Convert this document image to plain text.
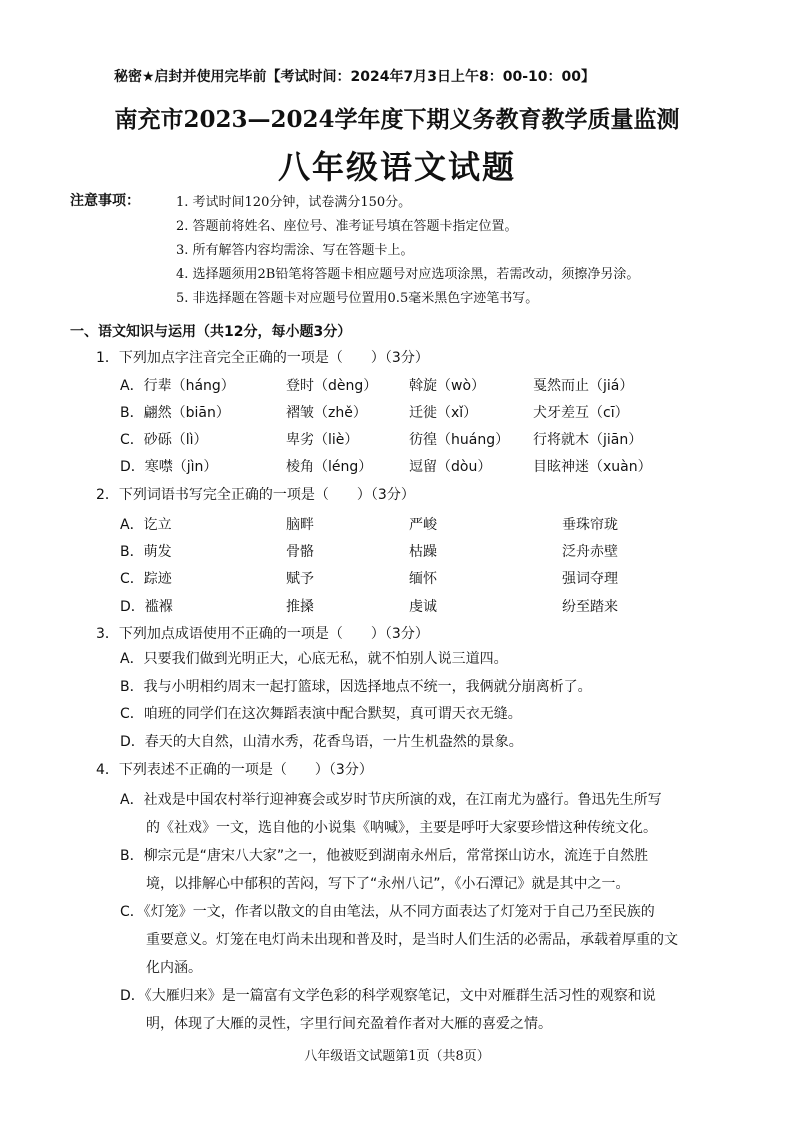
秘密★启封并使用完毕前【考试时间：2024年7月3日上午8：00-10：00】
南充市2023—2024学年度下期义务教育教学质量监测
八年级语文试题
注意事项：	1. 考试时间120分钟，试卷满分150分。
2. 答题前将姓名、座位号、准考证号填在答题卡指定位置。
3. 所有解答内容均需涂、写在答题卡上。
4. 选择题须用2B铅笔将答题卡相应题号对应选项涂黑，若需改动，须擦净另涂。
5. 非选择题在答题卡对应题号位置用0.5毫米黑色字迹笔书写。
一、语文知识与运用（共12分，每小题3分）
1．下列加点字注音完全正确的一项是（　　）（3分）
A．行辈（háng）	登时（dèng） 斡旋（wò）	戛然而止（jiá）
B．翩然（biān）	褶皱（zhě）	迁徙（xǐ）	犬牙差互（cī）
C．砂砾（lì）	卑劣（liè）	彷徨（huáng） 行将就木（jiān）
D．寒噤（jìn）	棱角（léng）	逗留（dòu）	目眩神迷（xuàn）
2．下列词语书写完全正确的一项是（　　）（3分）
A．讫立	脑畔	严峻	垂珠帘珑
B．萌发	骨骼	枯躁	泛舟赤壁
C．踪迹	赋予	缅怀	强词夺理
D．褴褓	推搡	虔诚	纷至踏来
3．下列加点成语使用不正确的一项是（　　）（3分）
A．只要我们做到光明正大，心底无私，就不怕别人说三道四。
B．我与小明相约周末一起打篮球，因选择地点不统一，我俩就分崩离析了。
C．咱班的同学们在这次舞蹈表演中配合默契，真可谓天衣无缝。
D．春天的大自然，山清水秀，花香鸟语，一片生机盎然的景象。
4．下列表述不正确的一项是（　　）（3分）
A．社戏是中国农村举行迎神赛会或岁时节庆所演的戏，在江南尤为盛行。鲁迅先生所写
的《社戏》一文，选自他的小说集《呐喊》，主要是呼吁大家要珍惜这种传统文化。
B．柳宗元是“唐宋八大家”之一，他被贬到湖南永州后，常常探山访水，流连于自然胜
境，以排解心中郁积的苦闷，写下了“永州八记”，《小石潭记》就是其中之一。
C．《灯笼》一文，作者以散文的自由笔法，从不同方面表达了灯笼对于自己乃至民族的
重要意义。灯笼在电灯尚未出现和普及时，是当时人们生活的必需品，承载着厚重的文
化内涵。
D．《大雁归来》是一篇富有文学色彩的科学观察笔记，文中对雁群生活习性的观察和说
明，体现了大雁的灵性，字里行间充盈着作者对大雁的喜爱之情。
八年级语文试题第1页（共8页）
